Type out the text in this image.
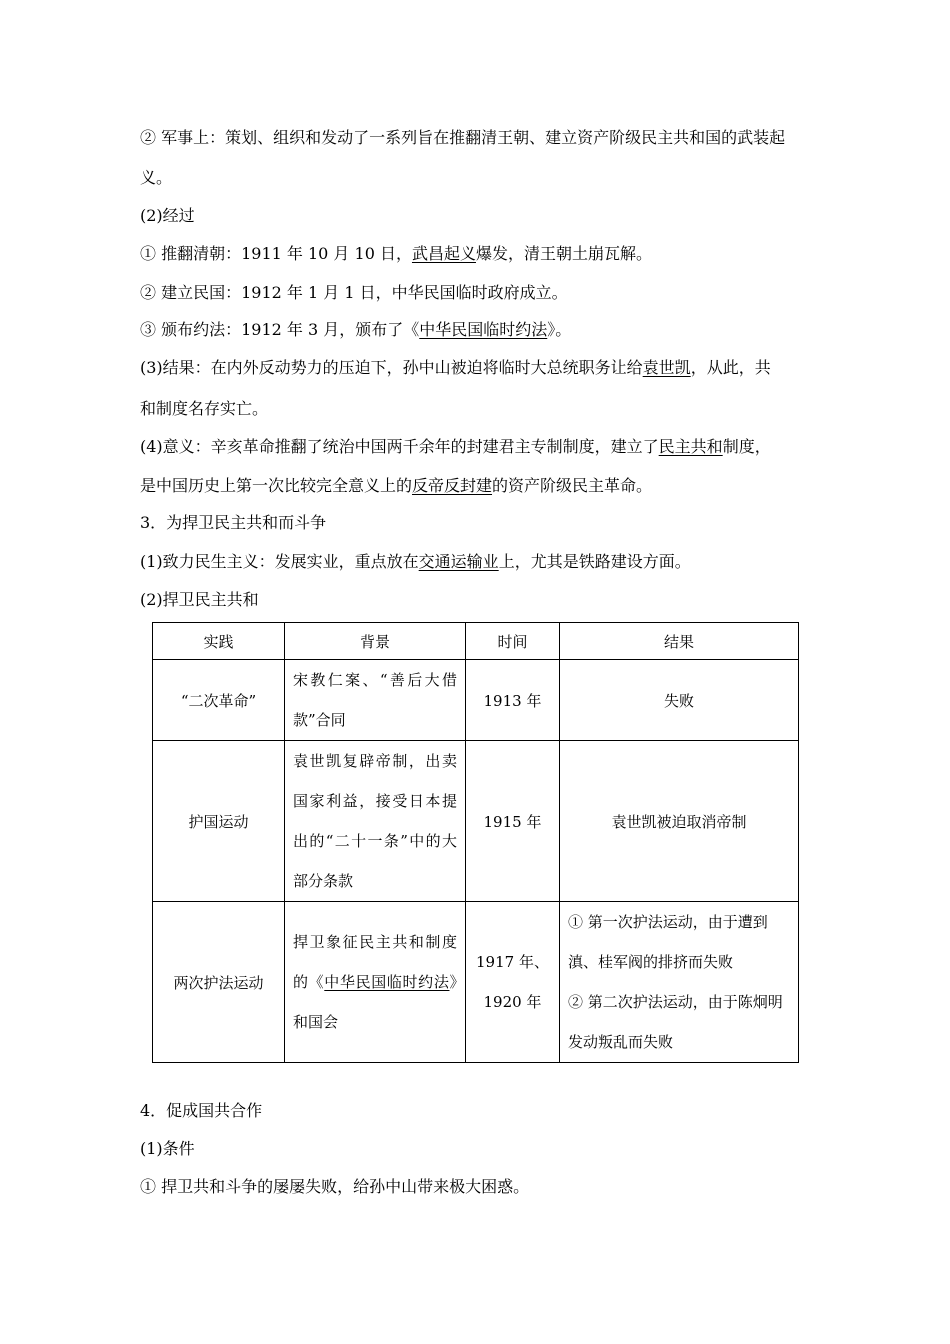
② 军事上：策划、组织和发动了一系列旨在推翻清王朝、建立资产阶级民主共和国的武装起
义。
(2)经过
① 推翻清朝：1911 年 10 月 10 日，武昌起义爆发，清王朝土崩瓦解。
② 建立民国：1912 年 1 月 1 日，中华民国临时政府成立。
③ 颁布约法：1912 年 3 月，颁布了《中华民国临时约法》。
(3)结果：在内外反动势力的压迫下，孙中山被迫将临时大总统职务让给袁世凯，从此，共
和制度名存实亡。
(4)意义：辛亥革命推翻了统治中国两千余年的封建君主专制制度，建立了民主共和制度，
是中国历史上第一次比较完全意义上的反帝反封建的资产阶级民主革命。
3．为捍卫民主共和而斗争
(1)致力民生主义：发展实业，重点放在交通运输业上，尤其是铁路建设方面。
(2)捍卫民主共和
实践	背景	时间	结果
“二次革命”	宋教仁案、“善后大借款”合同	1913 年	失败
护国运动	袁世凯复辟帝制，出卖国家利益，接受日本提出的“二十一条”中的大部分条款	1915 年	袁世凯被迫取消帝制
两次护法运动	捍卫象征民主共和制度的《中华民国临时约法》和国会	1917 年、1920 年	① 第一次护法运动，由于遭到滇、桂军阀的排挤而失败
② 第二次护法运动，由于陈炯明发动叛乱而失败
4．促成国共合作
(1)条件
① 捍卫共和斗争的屡屡失败，给孙中山带来极大困惑。
